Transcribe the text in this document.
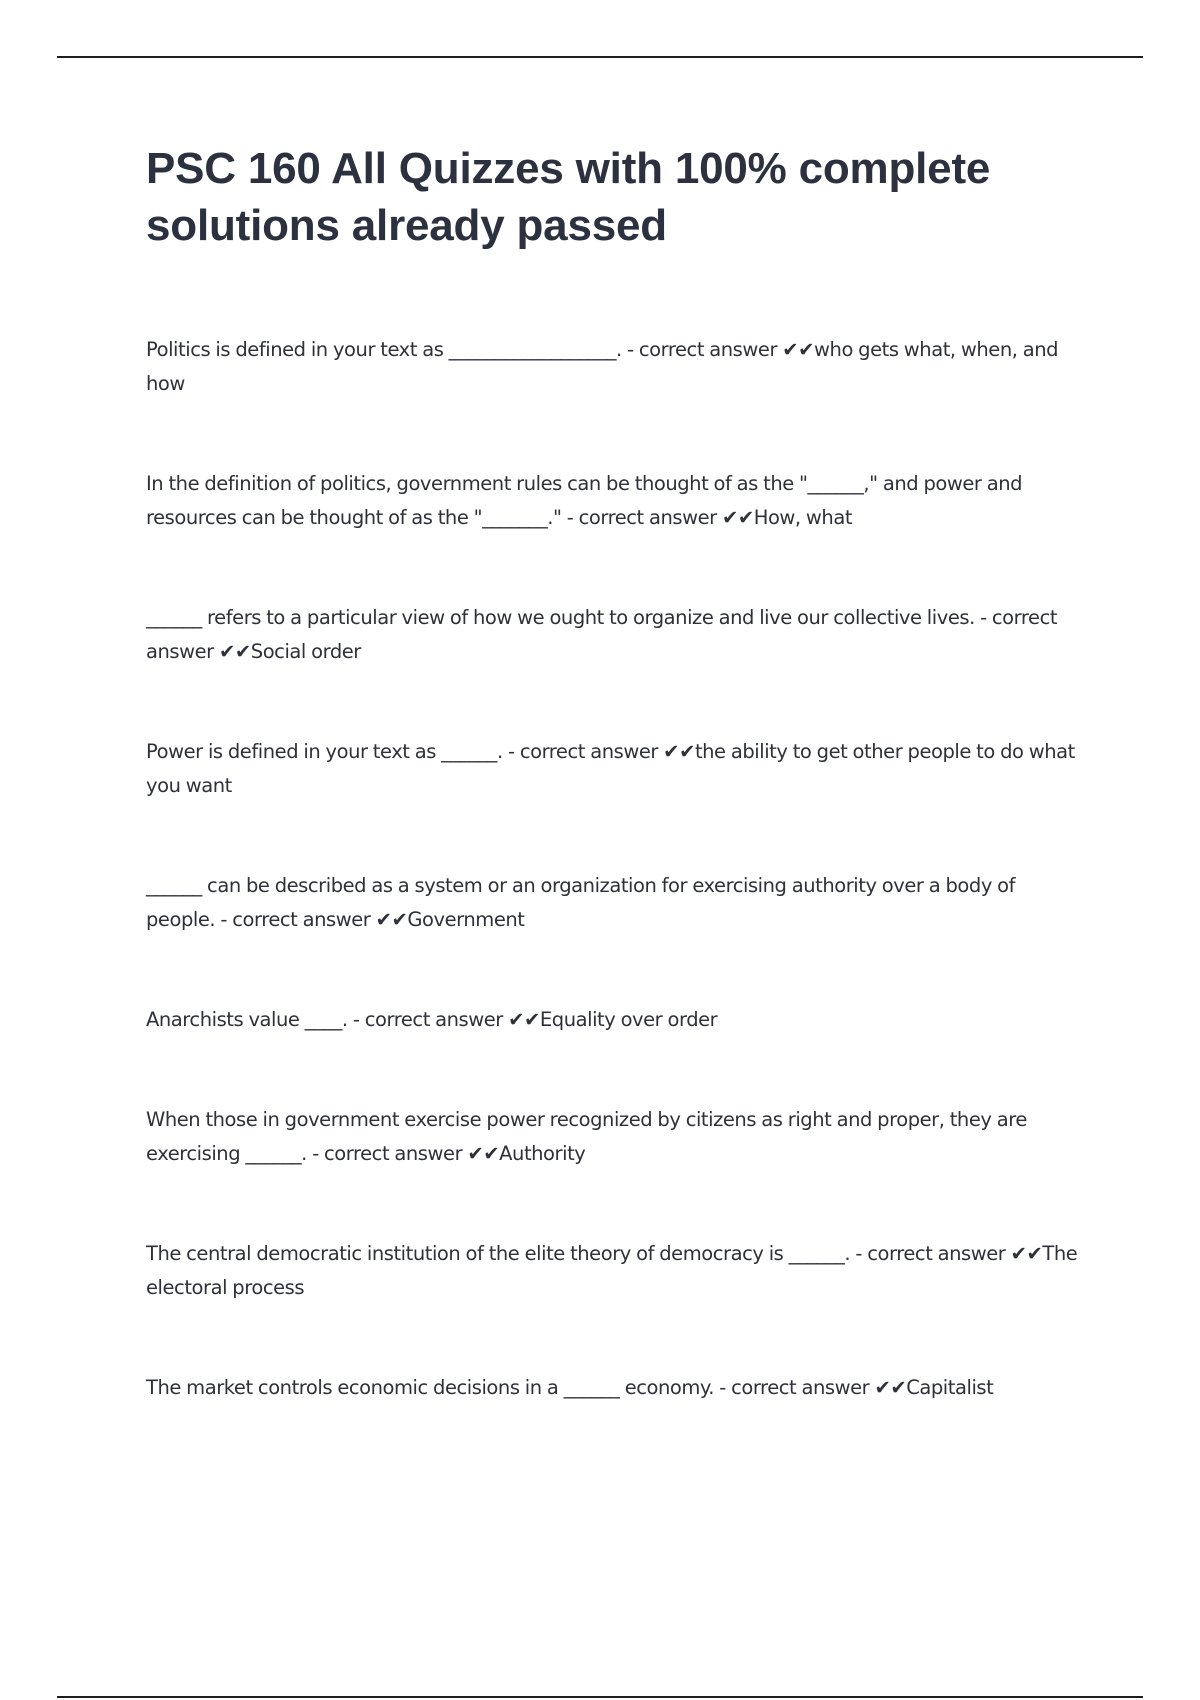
PSC 160 All Quizzes with 100% complete solutions already passed

Politics is defined in your text as __________________. - correct answer ✔✔who gets what, when, and how

In the definition of politics, government rules can be thought of as the "______," and power and resources can be thought of as the "_______." - correct answer ✔✔How, what

______ refers to a particular view of how we ought to organize and live our collective lives. - correct answer ✔✔Social order

Power is defined in your text as ______. - correct answer ✔✔the ability to get other people to do what you want

______ can be described as a system or an organization for exercising authority over a body of people. - correct answer ✔✔Government

Anarchists value ____. - correct answer ✔✔Equality over order

When those in government exercise power recognized by citizens as right and proper, they are exercising ______. - correct answer ✔✔Authority

The central democratic institution of the elite theory of democracy is ______. - correct answer ✔✔The electoral process

The market controls economic decisions in a ______ economy. - correct answer ✔✔Capitalist
